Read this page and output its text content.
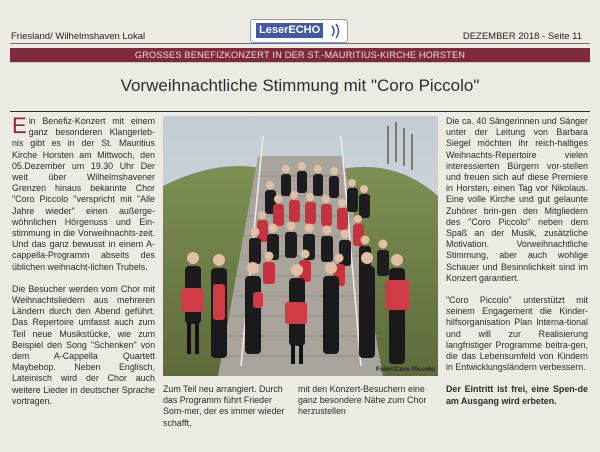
Friesland/ Wilhelmshaven Lokal
LeserECHO
DEZEMBER 2018 - Seite 11
GROSSES BENEFIZKONZERT IN DER ST.-MAURITIUS-KIRCHE HORSTEN
Vorweihnachtliche Stimmung mit "Coro Piccolo"

Ein Benefiz-Konzert mit einem ganz besonderen Klangerleb-nis gibt es in der St. Mauritius Kirche Horsten am Mittwoch, den 05.Dezember um 19.30 Uhr Der weit über Wilhelmshavener Grenzen hinaus bekannte Chor "Coro Piccolo "verspricht mit "Alle Jahre wieder" einen außerge-wöhnlichen Hörgenuss und Ein-stimmung in die Vorweihnachts-zeit. Und das ganz bewusst in einem A-cappella-Programm abseits des üblichen weihnacht-lichen Trubels.

Die Besucher werden vom Chor mit Weihnachtsliedern aus mehreren Ländern durch den Abend geführt. Das Repertoire umfasst auch zum Teil neue Musikstücke, wie zum Beispiel den Song "Schenken" von dem A-Cappella Quartett Maybebop. Neben Englisch, Lateinisch wird der Chor auch weitere Lieder in deutscher Sprache vortragen.

Foto©Coro Piccolo
Zum Teil neu arrangiert. Durch das Programm führt Frieder Som-mer, der es immer wieder schafft,
mit den Konzert-Besuchern eine ganz besondere Nähe zum Chor herzustellen

Die ca. 40 Sängerinnen und Sänger unter der Leitung von Barbara Siegel möchten ihr reich-haltiges Weihnachts-Repertoire vielen interessierten Bürgern vor-stellen und freuen sich auf diese Premiere in Horsten, einen Tag vor Nikolaus. Eine volle Kirche und gut gelaunte Zuhörer brin-gen den Mitgliedern des "Coro Piccolo" neben dem Spaß an der Musik, zusätzliche Motivation. Vorweihnachtliche Stimmung, aber auch wohlige Schauer und Besinnlichkeit sind im Konzert garantiert.

"Coro Piccolo" unterstützt mit seinem Engagement die Kinder-hilfsorganisation Plan Interna-tional und will zur Realisierung langfristiger Programme beitra-gen, die das Lebensumfeld von Kindern in Entwicklungsländern verbessern.

Der Eintritt ist frei, eine Spen-de am Ausgang wird erbeten.
